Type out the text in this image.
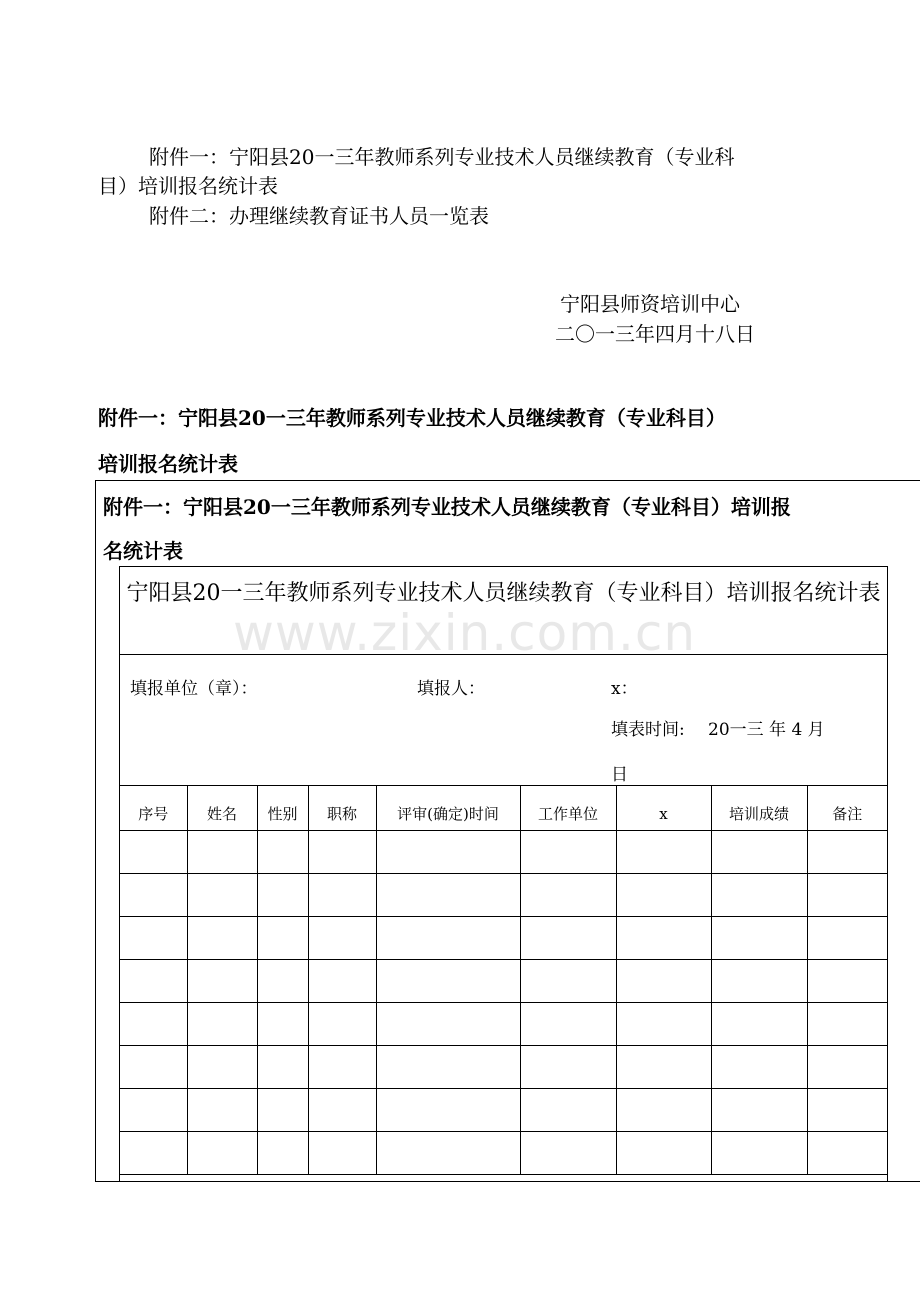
附件一：宁阳县20一三年教师系列专业技术人员继续教育（专业科
目）培训报名统计表
附件二：办理继续教育证书人员一览表
宁阳县师资培训中心
二〇一三年四月十八日
附件一：宁阳县20一三年教师系列专业技术人员继续教育（专业科目）
培训报名统计表
附件一：宁阳县20一三年教师系列专业技术人员继续教育（专业科目）培训报
名统计表
宁阳县20一三年教师系列专业技术人员继续教育（专业科目）培训报名统计表
填报单位（章）：	填报人：	x：
填表时间: 20一三 年 4 月
日
序号	姓名	性别	职称	评审(确定)时间	工作单位	x	培训成绩	备注

www.zixin.com.cn
